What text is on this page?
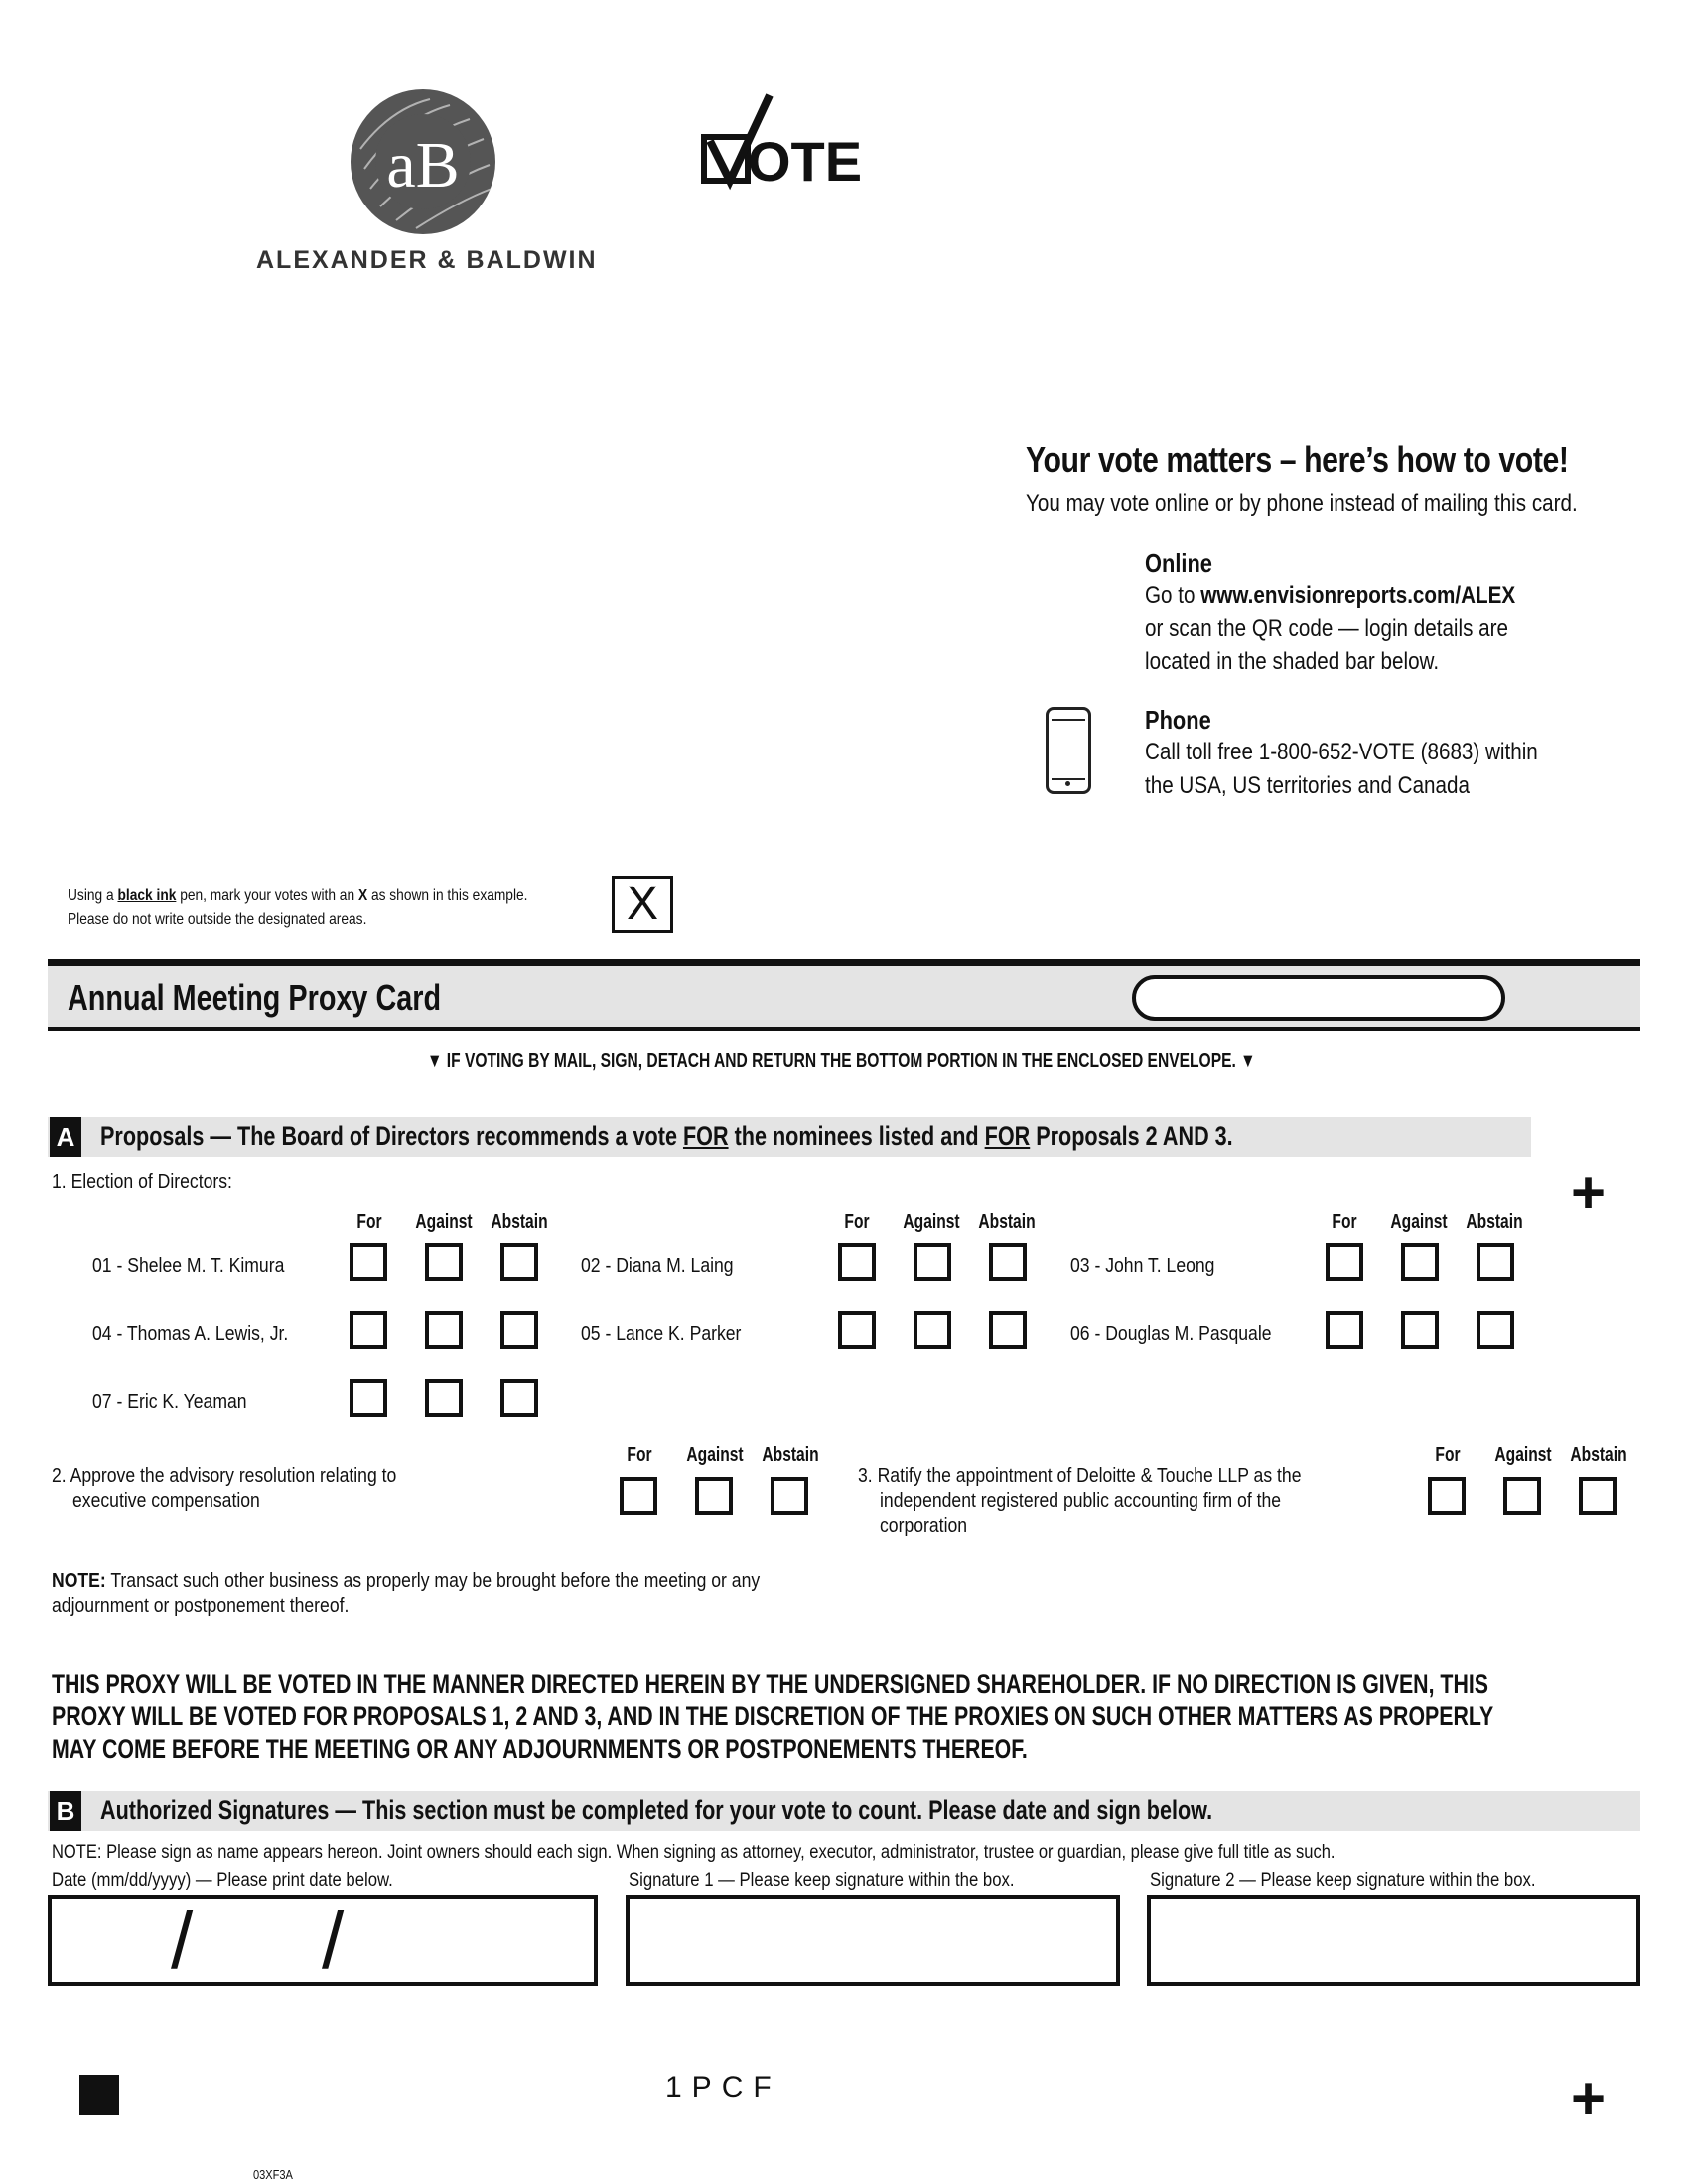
aB
ALEXANDER & BALDWIN
OTE
Your vote matters – here’s how to vote!
You may vote online or by phone instead of mailing this card.
Online
Go to www.envisionreports.com/ALEX
or scan the QR code — login details are
located in the shaded bar below.
Phone
Call toll free 1-800-652-VOTE (8683) within
the USA, US territories and Canada
Using a black ink pen, mark your votes with an X as shown in this example.
Please do not write outside the designated areas.	X
Annual Meeting Proxy Card
▼ IF VOTING BY MAIL, SIGN, DETACH AND RETURN THE BOTTOM PORTION IN THE ENCLOSED ENVELOPE. ▼
A Proposals — The Board of Directors recommends a vote FOR the nominees listed and FOR Proposals 2 AND 3.
1. Election of Directors:	+
For	Against Abstain	For	Against Abstain	For	Against Abstain
01 - Shelee M. T. Kimura	02 - Diana M. Laing	03 - John T. Leong
04 - Thomas A. Lewis, Jr.	05 - Lance K. Parker	06 - Douglas M. Pasquale
07 - Eric K. Yeaman
2. Approve the advisory resolution relating to
executive compensation
For	Against Abstain
3. Ratify the appointment of Deloitte & Touche LLP as the
independent registered public accounting firm of the
corporation
For	Against Abstain
NOTE: Transact such other business as properly may be brought before the meeting or any
adjournment or postponement thereof.
THIS PROXY WILL BE VOTED IN THE MANNER DIRECTED HEREIN BY THE UNDERSIGNED SHAREHOLDER. IF NO DIRECTION IS GIVEN, THIS PROXY WILL BE VOTED FOR PROPOSALS 1, 2 AND 3, AND IN THE DISCRETION OF THE PROXIES ON SUCH OTHER MATTERS AS PROPERLY MAY COME BEFORE THE MEETING OR ANY ADJOURNMENTS OR POSTPONEMENTS THEREOF.
B Authorized Signatures — This section must be completed for your vote to count. Please date and sign below.
NOTE: Please sign as name appears hereon. Joint owners should each sign. When signing as attorney, executor, administrator, trustee or guardian, please give full title as such.
Date (mm/dd/yyyy) — Please print date below.	Signature 1 — Please keep signature within the box.	Signature 2 — Please keep signature within the box.
/ /
1PCF	+
03XF3A
